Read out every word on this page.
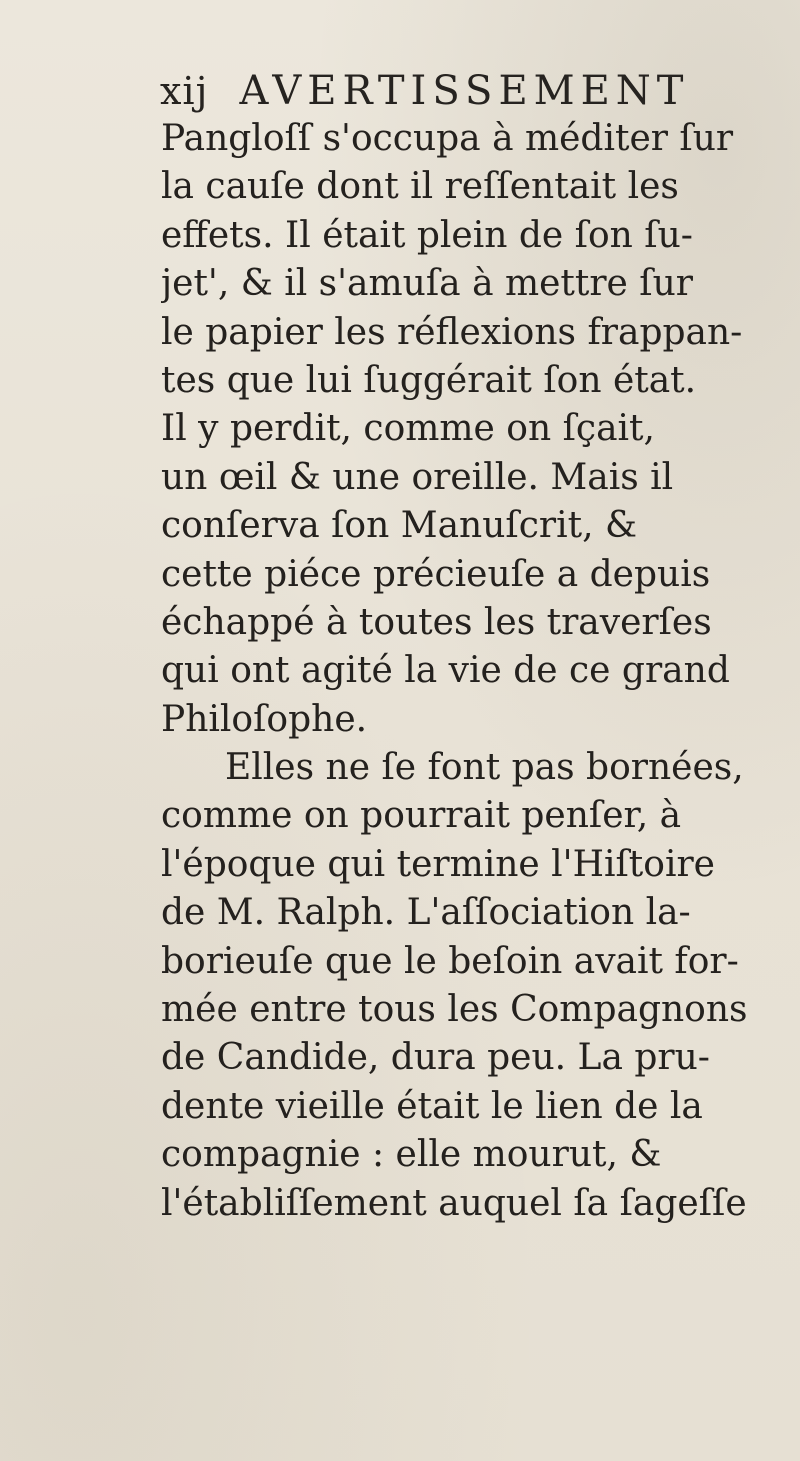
xij AVERTISSEMENT
Pangloſſ s'occupa à méditer ſur
la cauſe dont il reſſentait les
effets. Il était plein de ſon ſu-
jet', & il s'amuſa à mettre ſur
le papier les réflexions frappan-
tes que lui ſuggérait ſon état.
Il y perdit, comme on ſçait,
un œil & une oreille. Mais il
conſerva ſon Manuſcrit, &
cette piéce précieuſe a depuis
échappé à toutes les traverſes
qui ont agité la vie de ce grand
Philoſophe.
Elles ne ſe font pas bornées,
comme on pourrait penſer, à
l'époque qui termine l'Hiſtoire
de M. Ralph. L'aſſociation la-
borieuſe que le beſoin avait for-
mée entre tous les Compagnons
de Candide, dura peu. La pru-
dente vieille était le lien de la
compagnie : elle mourut, &
l'établiſſement auquel ſa ſageſſe
